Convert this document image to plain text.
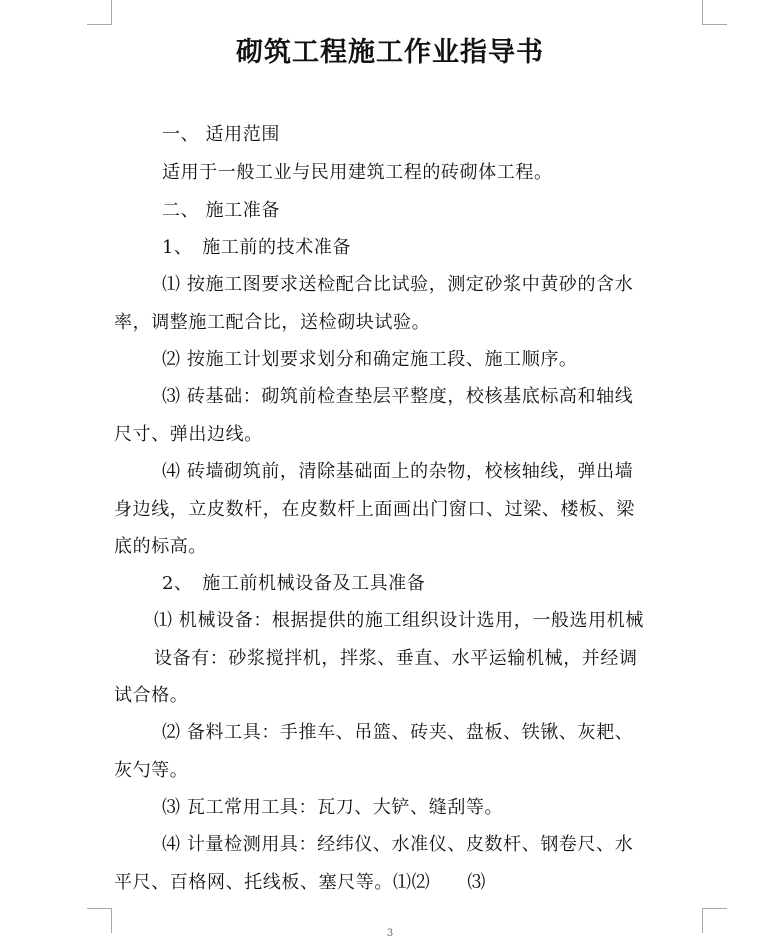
砌筑工程施工作业指导书
一、 适用范围
适用于一般工业与民用建筑工程的砖砌体工程。
二、 施工准备
1、　施工前的技术准备
⑴ 按施工图要求送检配合比试验，测定砂浆中黄砂的含水
率，调整施工配合比，送检砌块试验。
⑵ 按施工计划要求划分和确定施工段、施工顺序。
⑶ 砖基础：砌筑前检查垫层平整度，校核基底标高和轴线
尺寸、弹出边线。
⑷ 砖墙砌筑前，清除基础面上的杂物，校核轴线，弹出墙
身边线，立皮数杆，在皮数杆上面画出门窗口、过梁、楼板、梁
底的标高。
2、　施工前机械设备及工具准备
⑴ 机械设备：根据提供的施工组织设计选用，一般选用机械
设备有：砂浆搅拌机，拌浆、垂直、水平运输机械，并经调
试合格。
⑵ 备料工具：手推车、吊篮、砖夹、盘板、铁锹、灰耙、
灰勺等。
⑶ 瓦工常用工具：瓦刀、大铲、缝刮等。
⑷ 计量检测用具：经纬仪、水准仪、皮数杆、钢卷尺、水
平尺、百格网、托线板、塞尺等。⑴⑵　　⑶
3
